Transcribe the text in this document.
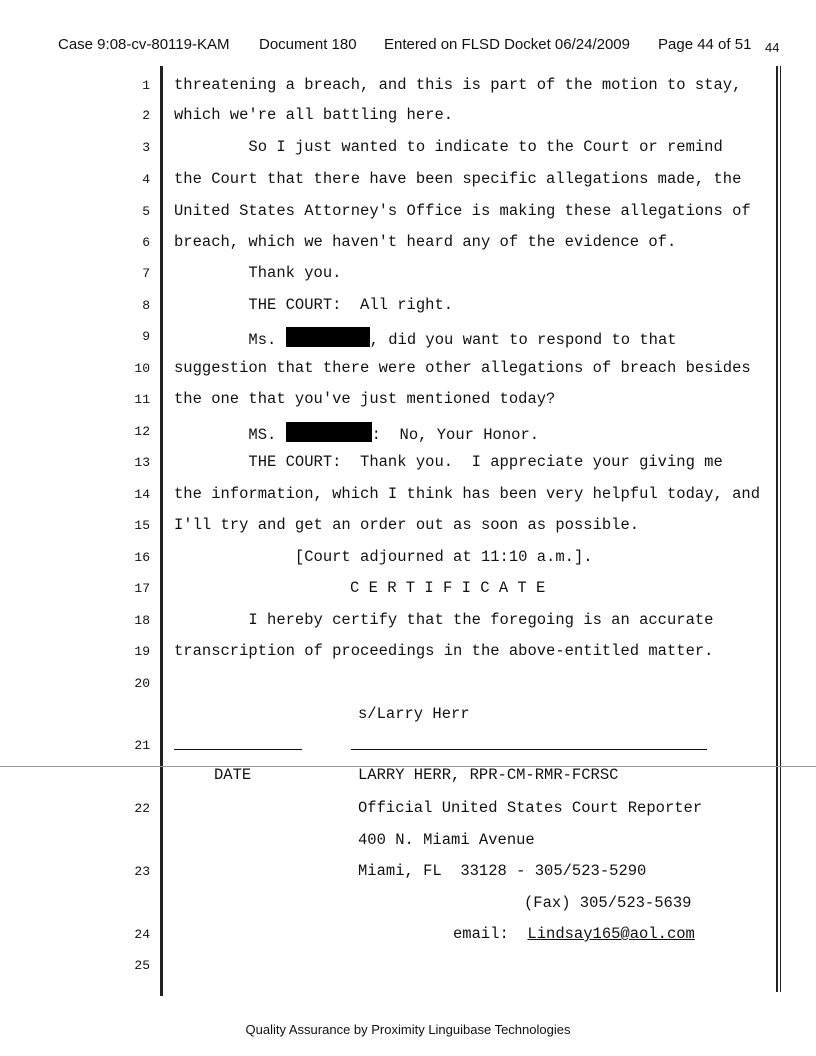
Case 9:08-cv-80119-KAM Document 180 Entered on FLSD Docket 06/24/2009 Page 44 of 51 44
1
2
3
4
5
6
7
8
9
10
11
12
13
14
15
16
17
18
19
20
21
22
23
24
25
threatening a breach, and this is part of the motion to stay,
which we're all battling here.
So I just wanted to indicate to the Court or remind
the Court that there have been specific allegations made, the
United States Attorney's Office is making these allegations of
breach, which we haven't heard any of the evidence of.
Thank you.
THE COURT:  All right.
Ms.	, did you want to respond to that
suggestion that there were other allegations of breach besides
the one that you've just mentioned today?
MS.	:  No, Your Honor.
THE COURT:  Thank you.  I appreciate your giving me
the information, which I think has been very helpful today, and
I'll try and get an order out as soon as possible.
[Court adjourned at 11:10 a.m.].
C E R T I F I C A T E
I hereby certify that the foregoing is an accurate
transcription of proceedings in the above-entitled matter.
s/Larry Herr
DATE	LARRY HERR, RPR-CM-RMR-FCRSC
Official United States Court Reporter
400 N. Miami Avenue
Miami, FL  33128 - 305/523-5290
(Fax) 305/523-5639
email: Lindsay165@aol.com
Quality Assurance by Proximity Linguibase Technologies
